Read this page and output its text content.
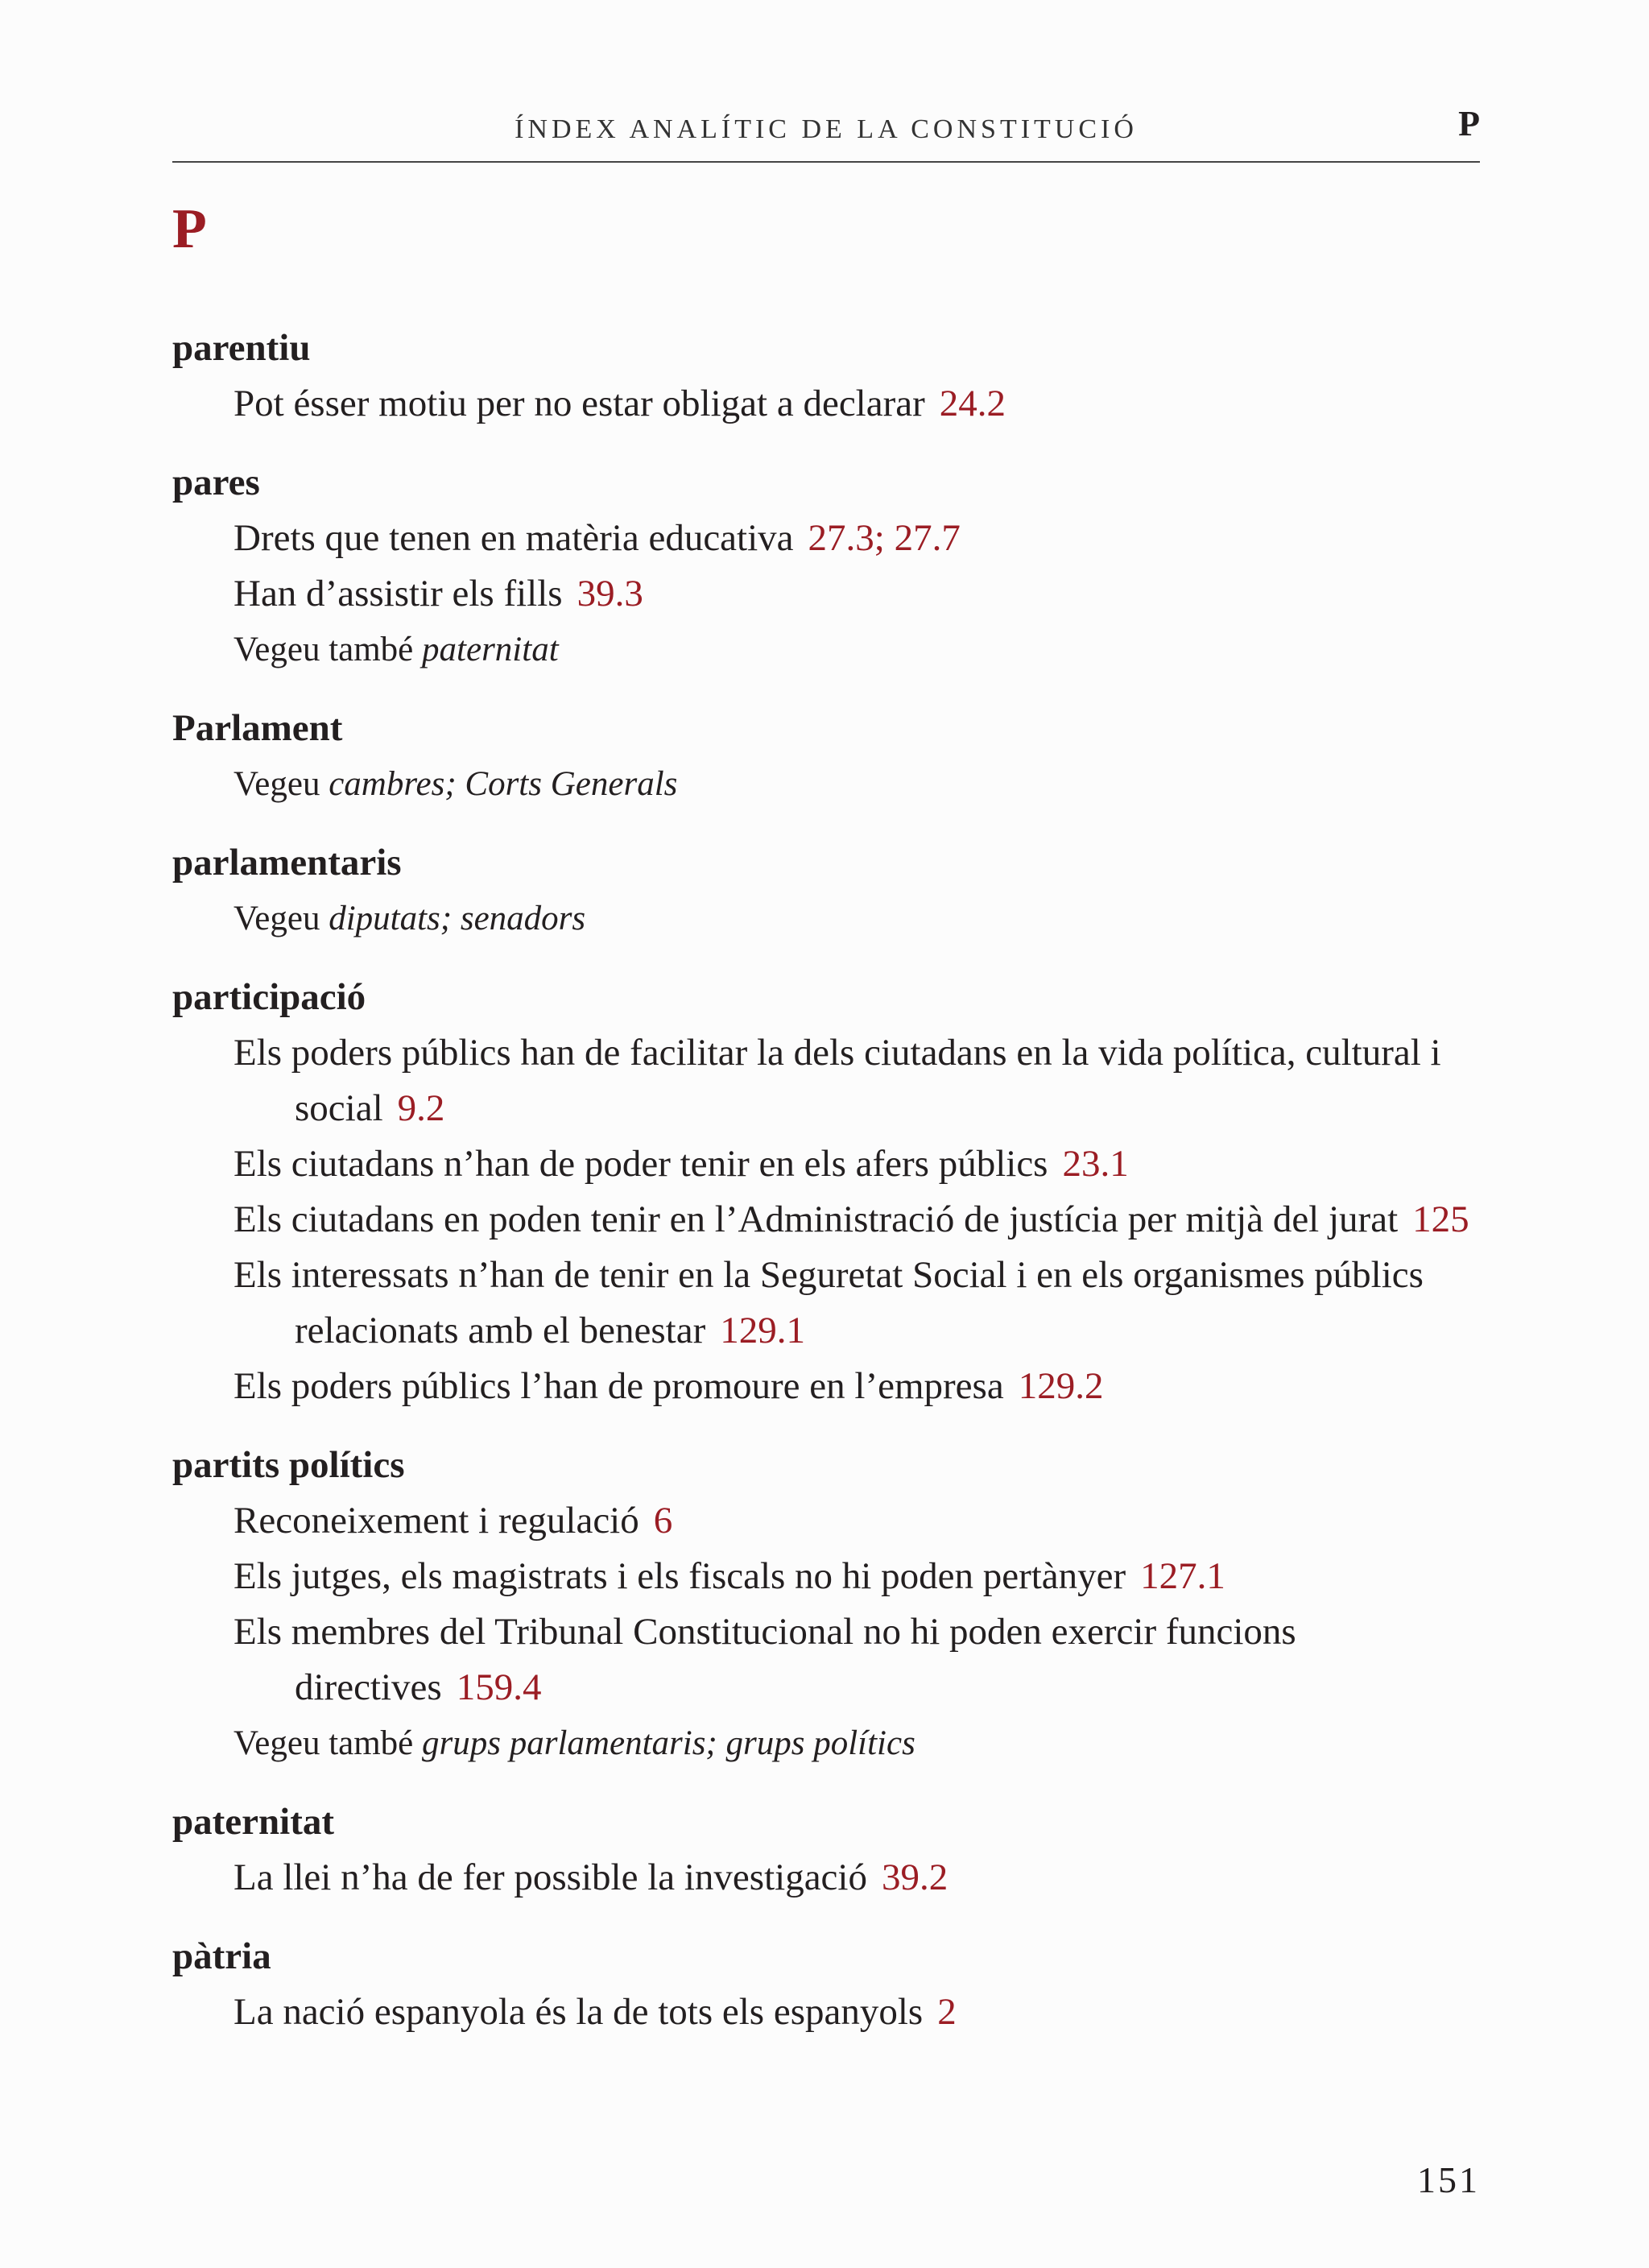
ÍNDEX ANALÍTIC DE LA CONSTITUCIÓ	P
P
parentiu
Pot ésser motiu per no estar obligat a declarar 24.2
pares
Drets que tenen en matèria educativa 27.3; 27.7
Han d’assistir els fills 39.3
Vegeu també paternitat
Parlament
Vegeu cambres; Corts Generals
parlamentaris
Vegeu diputats; senadors
participació
Els poders públics han de facilitar la dels ciutadans en la vida política, cultural i social 9.2
Els ciutadans n’han de poder tenir en els afers públics 23.1
Els ciutadans en poden tenir en l’Administració de justícia per mitjà del jurat 125
Els interessats n’han de tenir en la Seguretat Social i en els organismes públics relacionats amb el benestar 129.1
Els poders públics l’han de promoure en l’empresa 129.2
partits polítics
Reconeixement i regulació 6
Els jutges, els magistrats i els fiscals no hi poden pertànyer 127.1
Els membres del Tribunal Constitucional no hi poden exercir funcions directives 159.4
Vegeu també grups parlamentaris; grups polítics
paternitat
La llei n’ha de fer possible la investigació 39.2
pàtria
La nació espanyola és la de tots els espanyols 2
151
